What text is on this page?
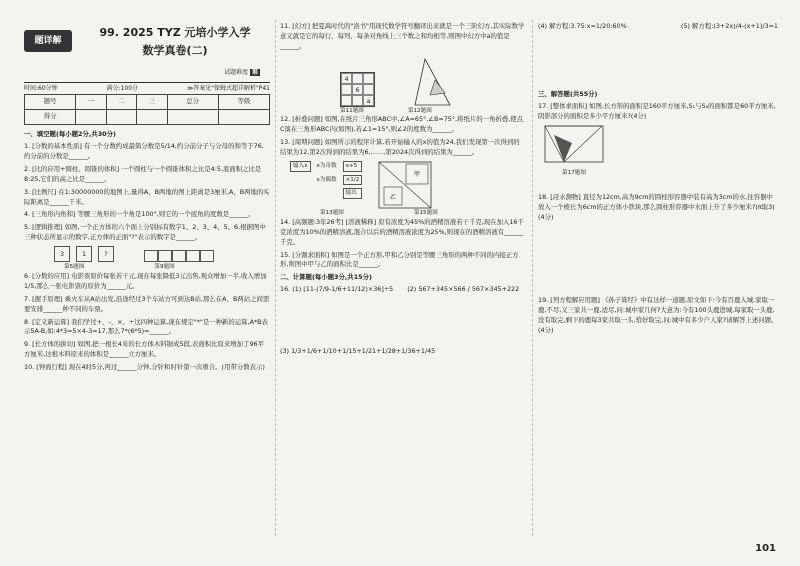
题详解
99. 2025 TYZ 元培小学入学
数学真卷(二)
试题难度 难
时间:60分钟	满分:100分	≫答案见"保姆式超详解析"P41
题号	一	二	三	总分	等级
得分					

一、填空题(每小题2分,共30分)

1. [分数的基本性质] 有一个分数约成最简分数是5/14,约分前分子与分母的和等于76,约分前的分数是______。

2. [比的应用+圆柱、圆锥的体积] 一个圆柱与一个圆锥体积之比是4:5,底面积之比是8:25,它们的高之比是______。

3. [比例尺] 在1:30000000的地图上,量得A、B两地的图上距离是3厘米,A、B两地的实际距离是______千米。

4. [三角形内角和] 等腰三角形的一个角是100°,则它的一个底角的度数是______。

5. [逻辑推理] 如图,一个正方体的六个面上分别标有数字1、2、3、4、5、6,根据图中三种状态所显示的数字,正方体的正面"?"表示的数字是______。

3	1	?
第5题图	第9题图

6. [分数的应用] 电影票原价每张若干元,现在每张降低3元出售,观众增加一半,收入增加1/5,那么一张电影票的原价为______元。

7. [握手原理] 乘火车从A站出发,沿途经过3个车站方可到达B站,那么在A、B两站之间需要安排______种不同的车票。

8. [定义新运算] 我们学过+、-、×、÷这四种运算,现在规定"*"是一种新的运算,A*B表示5A-B,如:4*3=5×4-3=17,那么7*(6*5)=______。

9. [长方体的拼切] 如图,把一根长4米的长方体木料锯成5段,表面积比原来增加了96平方厘米,这根木料原来的体积是______立方厘米。

10. [钟面行程] 现在4时5分,再过______分钟,分针和时针第一次重合。(用带分数表示)

11. [幻方] 把夏禹时代的"洛书"用现代数学符号翻译出来就是一个三阶幻方,其实际数学意义就是它的每行、每列、每条对角线上三个数之和均相等,则图中幻方中a的值是______。

4
6
a
第11题图	第12题图

12. [折叠问题] 如图,在纸片三角形ABC中,∠A=65°,∠B=75°,将纸片的一角折叠,使点C落在三角形ABC内(如图),若∠1=15°,则∠2的度数为______。

13. [周期问题] 如图所示的程序计算,若开始输入的x的值为24,我们发现第一次得到的结果为12,第2次得到的结果为6,……,第2024次得到的结果为______。

输入x	x为奇数	x+5
x为偶数	×1/2
输出
甲
乙
第13题图	第15题图

14. [高频题:3年26考] [溶液稀释] 原有浓度为45%的酒精溶液若干千克,现在加入16千克浓度为10%的酒精溶液,混合以后的酒精溶液浓度为25%,则现在的酒精溶液有______千克。

15. [分割求面积] 如图是一个正方形,甲和乙分别是等腰三角形的两种不同的内接正方形,则图中甲与乙的面积比是______。

二、计算题(每小题3分,共15分)

16. (1) [11-(7/9-1/6+11/12)×36]÷5 (2) 567+345×566 / 567×345+222

(3) 1/3+1/6+1/10+1/15+1/21+1/28+1/36+1/45

(4) 解方程:3.75:x=1/20:60%	(5) 解方程:(3+2x)/4-(x+1)/3=1

三、解答题(共55分)

17. [整体求面积] 如图,长方形的面积是160平方厘米,S₁与S₂的面积都是60平方厘米,阴影部分的面积是多少平方厘米?(4分)

第17题图

18. [浸水测物] 直径为12cm,高为9cm的圆柱形容器中装有高为3cm的水,往容器中放入一个棱长为6cm的正方体小铁块,那么圆柱形容器中水面上升了多少厘米?(π取3)(4分)

19. [列方程解应用题] 《孙子算经》中有这样一道题,原文如下:今有百鹿入城,家取一鹿,不尽,又三家共一鹿,适尽,问:城中家几何?大意为:今有100头鹿进城,每家取一头鹿,没有取完,剩下的鹿每3家共取一头,恰好取完,问:城中有多少户人家?请解答上述问题。(4分)

101
